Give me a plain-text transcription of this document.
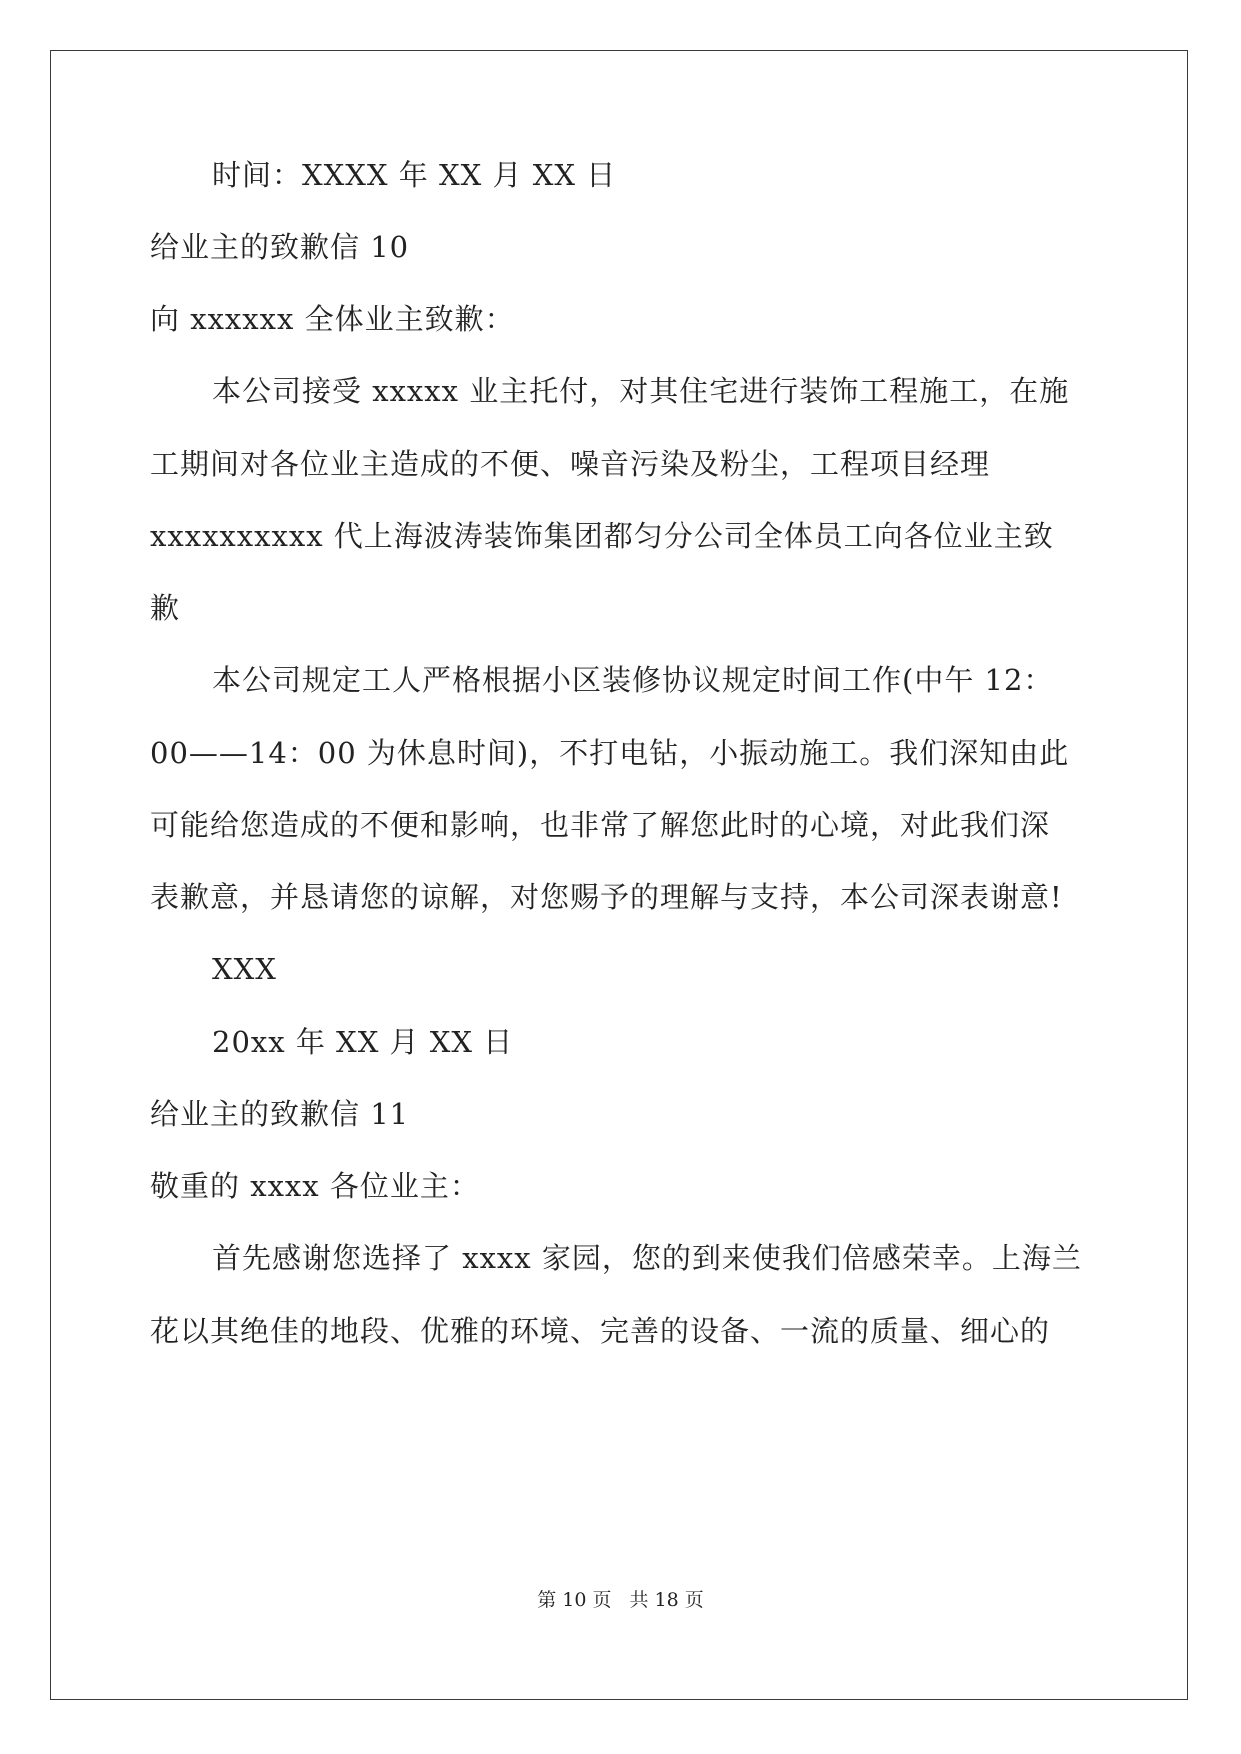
时间：XXXX 年 XX 月 XX 日
给业主的致歉信 10
向 xxxxxx 全体业主致歉：
本公司接受 xxxxx 业主托付，对其住宅进行装饰工程施工，在施
工期间对各位业主造成的不便、噪音污染及粉尘，工程项目经理
xxxxxxxxxx 代上海波涛装饰集团都匀分公司全体员工向各位业主致
歉
本公司规定工人严格根据小区装修协议规定时间工作(中午 12：
00——14：00 为休息时间)，不打电钻，小振动施工。我们深知由此
可能给您造成的不便和影响，也非常了解您此时的心境，对此我们深
表歉意，并恳请您的谅解，对您赐予的理解与支持，本公司深表谢意!
XXX
20xx 年 XX 月 XX 日
给业主的致歉信 11
敬重的 xxxx 各位业主：
首先感谢您选择了 xxxx 家园，您的到来使我们倍感荣幸。上海兰
花以其绝佳的地段、优雅的环境、完善的设备、一流的质量、细心的
第 10 页 共 18 页
